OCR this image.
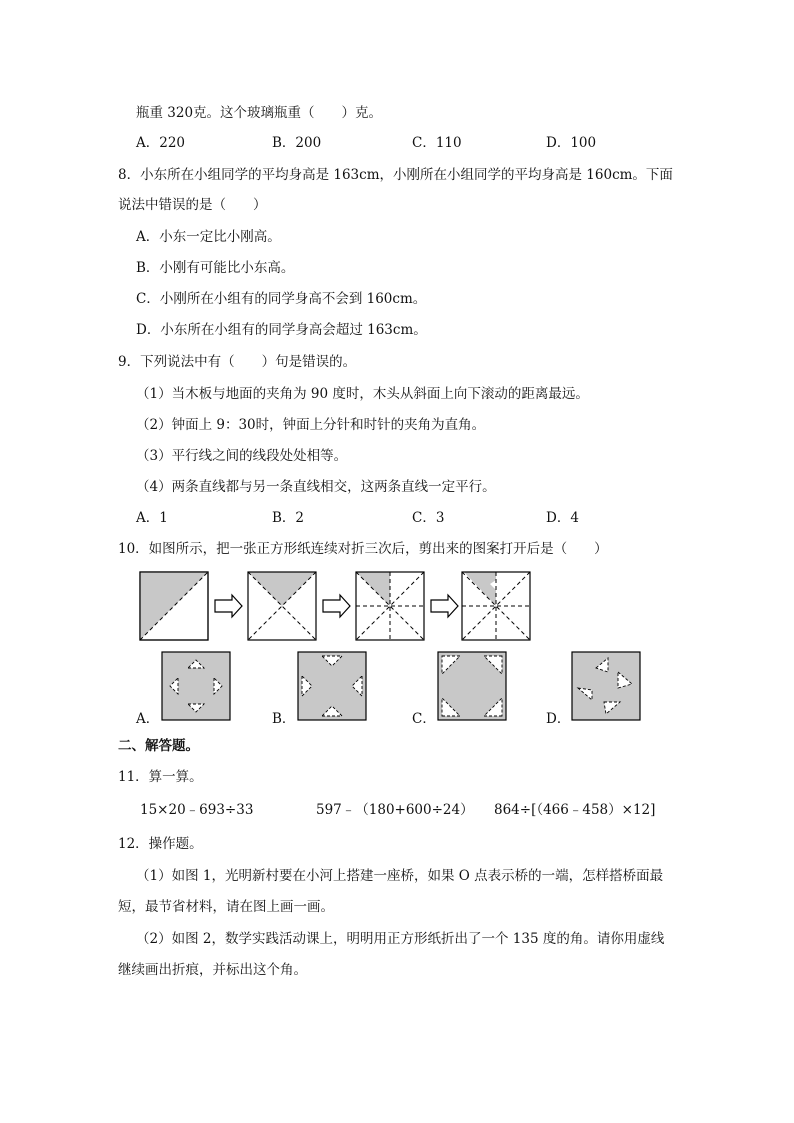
瓶重 320克。这个玻璃瓶重（　　）克。
A．220	B．200	C．110	D．100
8．小东所在小组同学的平均身高是 163cm，小刚所在小组同学的平均身高是 160cm。下面
说法中错误的是（　　）
A．小东一定比小刚高。
B．小刚有可能比小东高。
C．小刚所在小组有的同学身高不会到 160cm。
D．小东所在小组有的同学身高会超过 163cm。
9．下列说法中有（　　）句是错误的。
（1）当木板与地面的夹角为 90 度时，木头从斜面上向下滚动的距离最远。
（2）钟面上 9：30时，钟面上分针和时针的夹角为直角。
（3）平行线之间的线段处处相等。
（4）两条直线都与另一条直线相交，这两条直线一定平行。
A．1	B．2	C．3	D．4
10．如图所示，把一张正方形纸连续对折三次后，剪出来的图案打开后是（　　）
A．	B．	C．	D．
二、解答题。
11．算一算。
15×20﹣693÷33	597﹣（180+600÷24） 864÷[（466﹣458）×12]
12．操作题。
（1）如图 1，光明新村要在小河上搭建一座桥，如果 O 点表示桥的一端，怎样搭桥面最
短，最节省材料，请在图上画一画。
（2）如图 2，数学实践活动课上，明明用正方形纸折出了一个 135 度的角。请你用虚线
继续画出折痕，并标出这个角。
